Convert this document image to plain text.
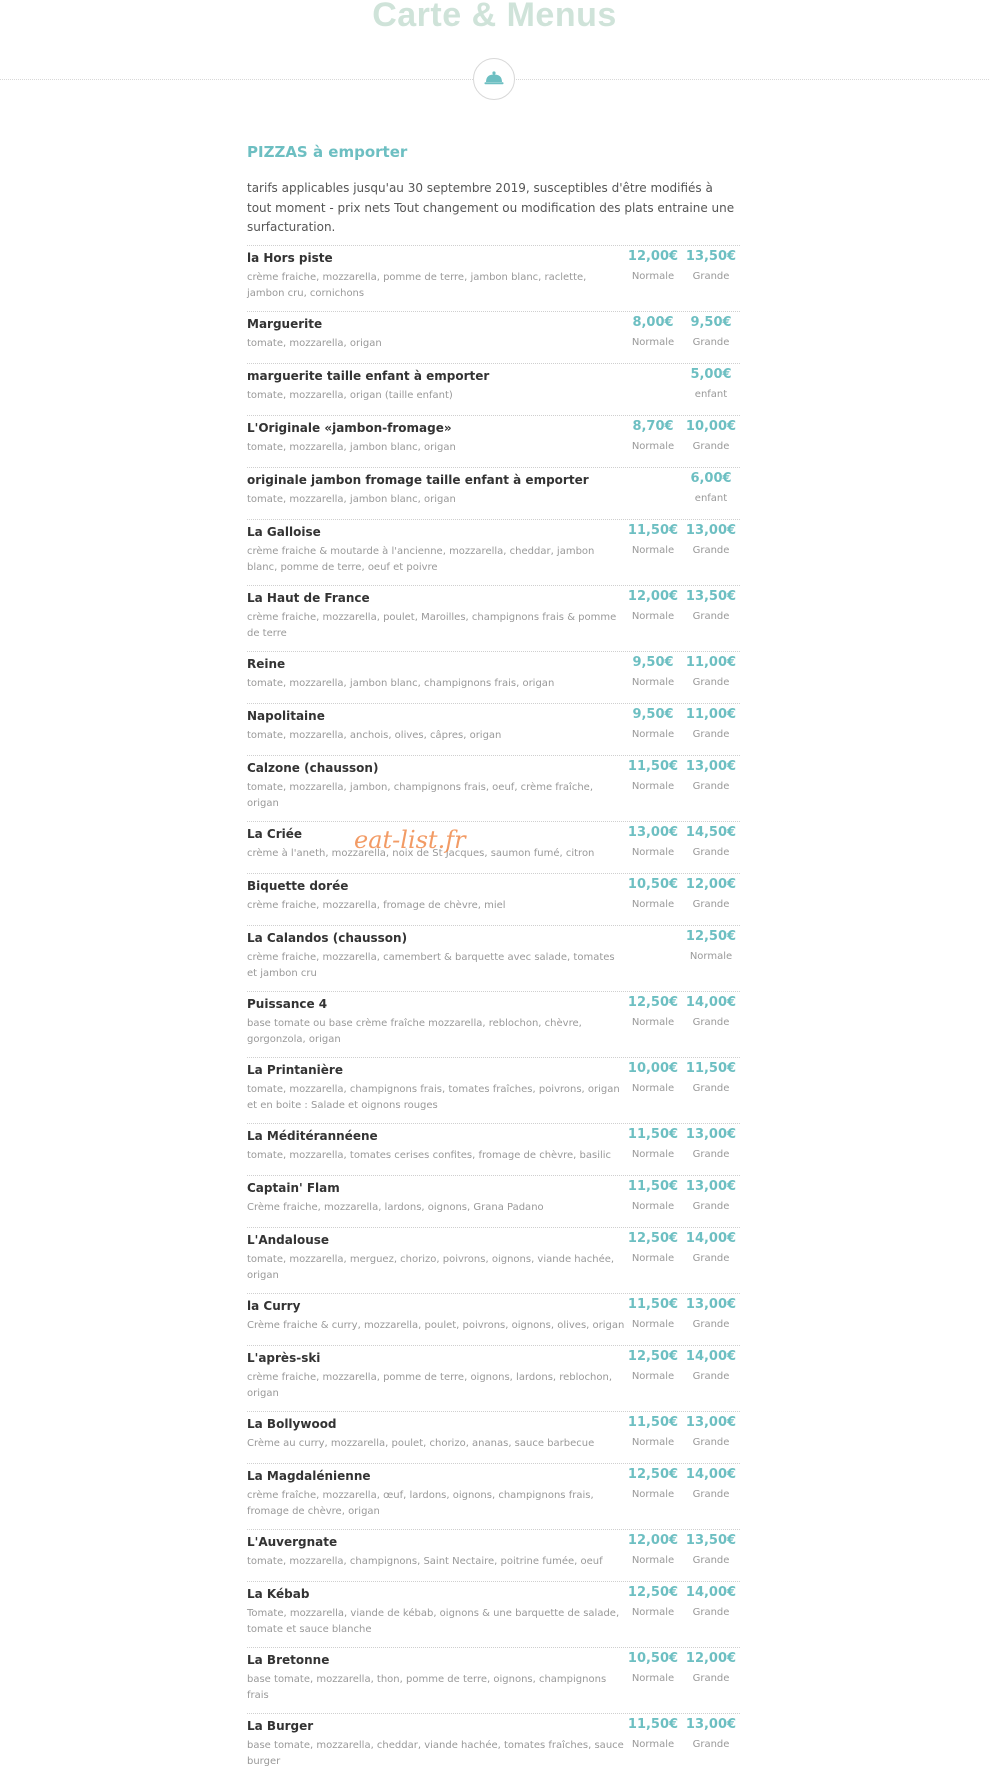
Carte & Menus
PIZZAS à emporter

tarifs applicables jusqu'au 30 septembre 2019, susceptibles d'être modifiés à tout moment - prix nets Tout changement ou modification des plats entraine une surfacturation.

la Hors piste
crème fraiche, mozzarella, pomme de terre, jambon blanc, raclette, jambon cru, cornichons
12,00€
Normale
13,50€
Grande
Marguerite
tomate, mozzarella, origan
8,00€
Normale
9,50€
Grande
marguerite taille enfant à emporter
tomate, mozzarella, origan (taille enfant)
5,00€
enfant
L'Originale «jambon-fromage»
tomate, mozzarella, jambon blanc, origan
8,70€
Normale
10,00€
Grande
originale jambon fromage taille enfant à emporter
tomate, mozzarella, jambon blanc, origan
6,00€
enfant
La Galloise
crème fraiche & moutarde à l'ancienne, mozzarella, cheddar, jambon blanc, pomme de terre, oeuf et poivre
11,50€
Normale
13,00€
Grande
La Haut de France
crème fraiche, mozzarella, poulet, Maroilles, champignons frais & pomme de terre
12,00€
Normale
13,50€
Grande
Reine
tomate, mozzarella, jambon blanc, champignons frais, origan
9,50€
Normale
11,00€
Grande
Napolitaine
tomate, mozzarella, anchois, olives, câpres, origan
9,50€
Normale
11,00€
Grande
Calzone (chausson)
tomate, mozzarella, jambon, champignons frais, oeuf, crème fraîche, origan
11,50€
Normale
13,00€
Grande
La Criée
crème à l'aneth, mozzarella, noix de St Jacques, saumon fumé, citron
13,00€
Normale
14,50€
Grande
Biquette dorée
crème fraiche, mozzarella, fromage de chèvre, miel
10,50€
Normale
12,00€
Grande
La Calandos (chausson)
crème fraiche, mozzarella, camembert & barquette avec salade, tomates et jambon cru
12,50€
Normale
Puissance 4
base tomate ou base crème fraîche mozzarella, reblochon, chèvre, gorgonzola, origan
12,50€
Normale
14,00€
Grande
La Printanière
tomate, mozzarella, champignons frais, tomates fraîches, poivrons, origan et en boite : Salade et oignons rouges
10,00€
Normale
11,50€
Grande
La Méditérannéene
tomate, mozzarella, tomates cerises confites, fromage de chèvre, basilic
11,50€
Normale
13,00€
Grande
Captain' Flam
Crème fraiche, mozzarella, lardons, oignons, Grana Padano
11,50€
Normale
13,00€
Grande
L'Andalouse
tomate, mozzarella, merguez, chorizo, poivrons, oignons, viande hachée, origan
12,50€
Normale
14,00€
Grande
la Curry
Crème fraiche & curry, mozzarella, poulet, poivrons, oignons, olives, origan
11,50€
Normale
13,00€
Grande
L'après-ski
crème fraiche, mozzarella, pomme de terre, oignons, lardons, reblochon, origan
12,50€
Normale
14,00€
Grande
La Bollywood
Crème au curry, mozzarella, poulet, chorizo, ananas, sauce barbecue
11,50€
Normale
13,00€
Grande
La Magdalénienne
crème fraîche, mozzarella, œuf, lardons, oignons, champignons frais, fromage de chèvre, origan
12,50€
Normale
14,00€
Grande
L'Auvergnate
tomate, mozzarella, champignons, Saint Nectaire, poitrine fumée, oeuf
12,00€
Normale
13,50€
Grande
La Kébab
Tomate, mozzarella, viande de kébab, oignons & une barquette de salade, tomate et sauce blanche
12,50€
Normale
14,00€
Grande
La Bretonne
base tomate, mozzarella, thon, pomme de terre, oignons, champignons frais
10,50€
Normale
12,00€
Grande
La Burger
base tomate, mozzarella, cheddar, viande hachée, tomates fraîches, sauce burger
11,50€
Normale
13,00€
Grande
eat-list.fr
